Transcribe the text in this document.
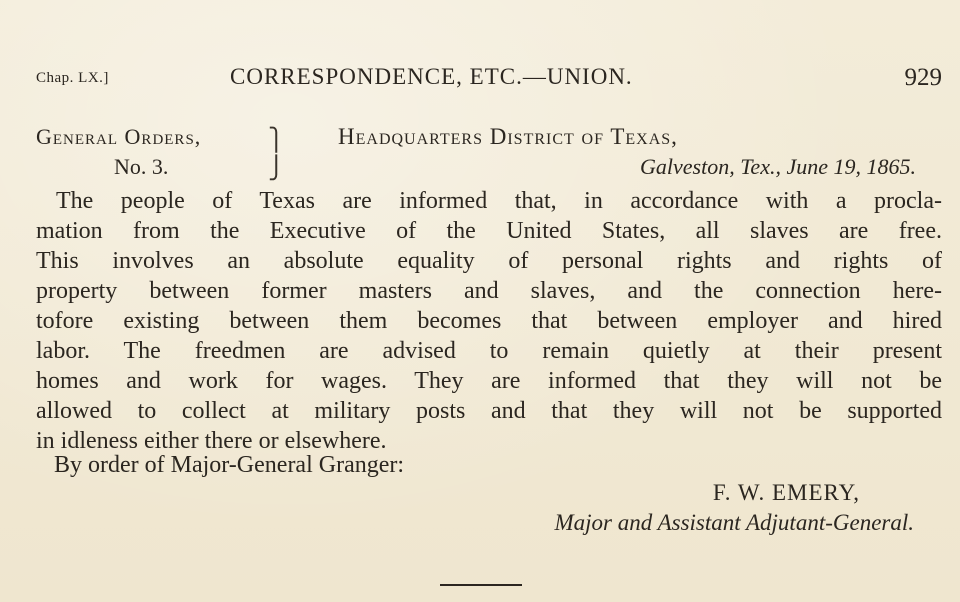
Chap. LX.]	CORRESPONDENCE, ETC.—UNION.	929
General Orders,
No. 3.
⎫
⎭
Headquarters District of Texas,
Galveston, Tex., June 19, 1865.
The people of Texas are informed that, in accordance with a procla-
mation from the Executive of the United States, all slaves are free.
This involves an absolute equality of personal rights and rights of
property between former masters and slaves, and the connection here-
tofore existing between them becomes that between employer and hired
labor. The freedmen are advised to remain quietly at their present
homes and work for wages. They are informed that they will not be
allowed to collect at military posts and that they will not be supported
in idleness either there or elsewhere.
By order of Major-General Granger:
F. W. EMERY,
Major and Assistant Adjutant-General.
